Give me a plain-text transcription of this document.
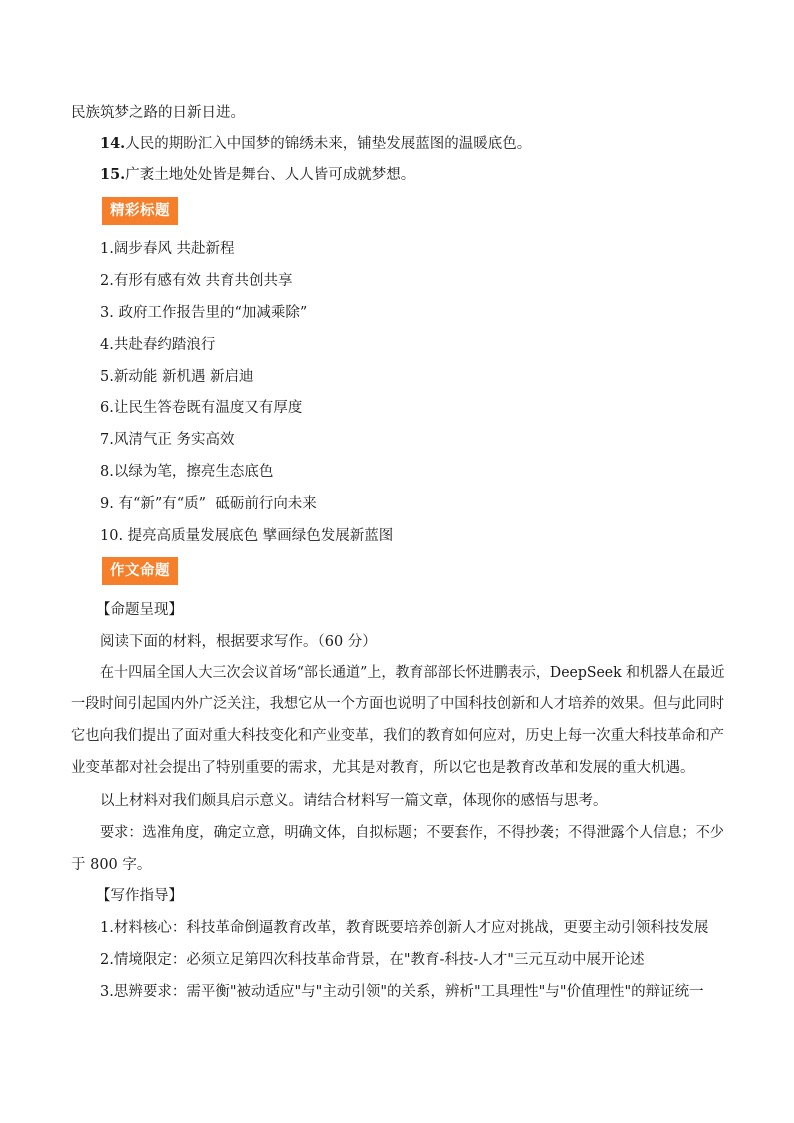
民族筑梦之路的日新日进。
14.人民的期盼汇入中国梦的锦绣未来，铺垫发展蓝图的温暖底色。
15.广袤土地处处皆是舞台、人人皆可成就梦想。
精彩标题
1.阔步春风 共赴新程
2.有形有感有效 共育共创共享
3. 政府工作报告里的“加减乘除”
4.共赴春约踏浪行
5.新动能 新机遇 新启迪
6.让民生答卷既有温度又有厚度
7.风清气正 务实高效
8.以绿为笔，擦亮生态底色
9. 有“新”有“质”  砥砺前行向未来
10. 提亮高质量发展底色 擘画绿色发展新蓝图
作文命题
【命题呈现】
阅读下面的材料，根据要求写作。（60 分）
在十四届全国人大三次会议首场“部长通道”上，教育部部长怀进鹏表示，DeepSeek 和机器人在最近
一段时间引起国内外广泛关注，我想它从一个方面也说明了中国科技创新和人才培养的效果。但与此同时
它也向我们提出了面对重大科技变化和产业变革，我们的教育如何应对，历史上每一次重大科技革命和产
业变革都对社会提出了特别重要的需求，尤其是对教育，所以它也是教育改革和发展的重大机遇。
以上材料对我们颇具启示意义。请结合材料写一篇文章，体现你的感悟与思考。
要求：选准角度，确定立意，明确文体，自拟标题；不要套作，不得抄袭；不得泄露个人信息；不少
于 800 字。
【写作指导】
1.材料核心：科技革命倒逼教育改革，教育既要培养创新人才应对挑战，更要主动引领科技发展
2.情境限定：必须立足第四次科技革命背景，在"教育-科技-人才"三元互动中展开论述
3.思辨要求：需平衡"被动适应"与"主动引领"的关系，辨析"工具理性"与"价值理性"的辩证统一
